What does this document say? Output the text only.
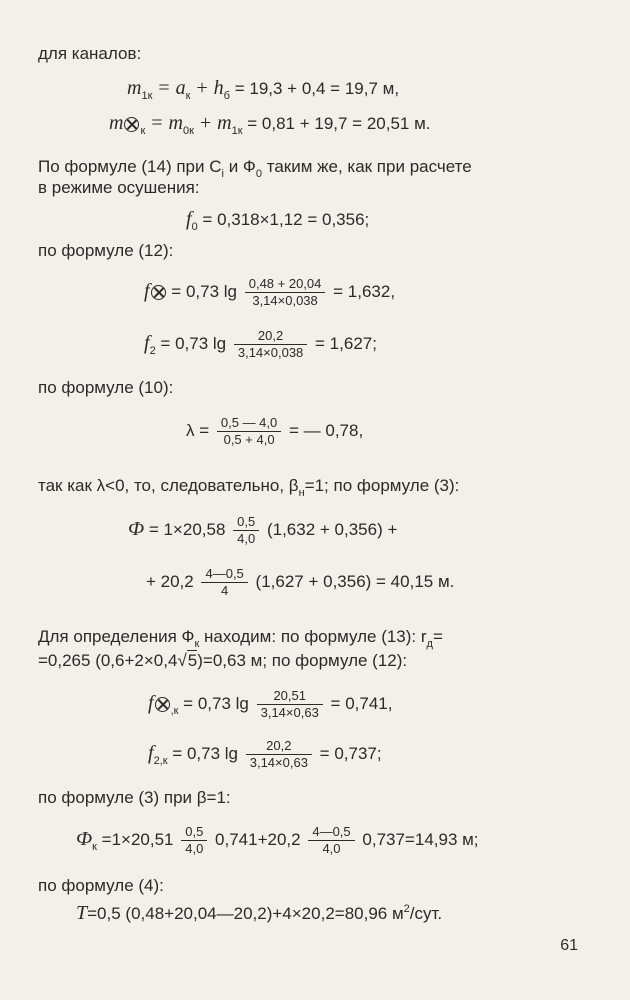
для каналов:
$m_{1к} = a_к + h_б = 19,3 + 0,4 = 19,7$ м,
m $_к = m_{0к} + m_{1к} = 0,81 + 19,7 = 20,51$ м.
По формуле (14) при $C_i$ и $Ф_0$ таким же, как при расчете
в режиме осушения:
$f_0 = 0,318\times 1,12 = 0,356$;
по формуле (12):
f = 0,73 $\lg \frac{0,48 + 20,04}{3,14\times 0,038} = 1,632$,
$f_2 = 0,73$ $\lg \frac{20,2}{3,14\times 0,038} = 1,627$;
по формуле (10):
$\lambda = \frac{0,5 — 4,0}{0,5 + 4,0}$ = — 0,78,
так как λ<0, то, следовательно, $\beta_н=1$; по формуле (3):
$Ф = 1\times 20,58 \frac{0,5}{4,0} (1,632 + 0,356)$ +
+ $20,2 \frac{4—0,5}{4} (1,627 + 0,356) = 40,15$ м.
Для определения $Ф_к$ находим: по формуле (13): $r_д=$
=0,265 (0,6+2×0,4√5)=0,63 м; по формуле (12):
f $_{,к}$ = 0,73 $\lg \frac{20,51}{3,14\times 0,63} = 0,741$,
$f_{2,к} = 0,73$ $\lg \frac{20,2}{3,14\times 0,63} = 0,737$;
по формуле (3) при β=1:
$Ф_к =1\times 20,51 \frac{0,5}{4,0} 0,741+20,2 \frac{4—0,5}{4,0} 0,737=14,93$ м;
по формуле (4):
T=0,5 (0,48+20,04—20,2)+4×20,2=80,96 $м^2$/сут.
61
